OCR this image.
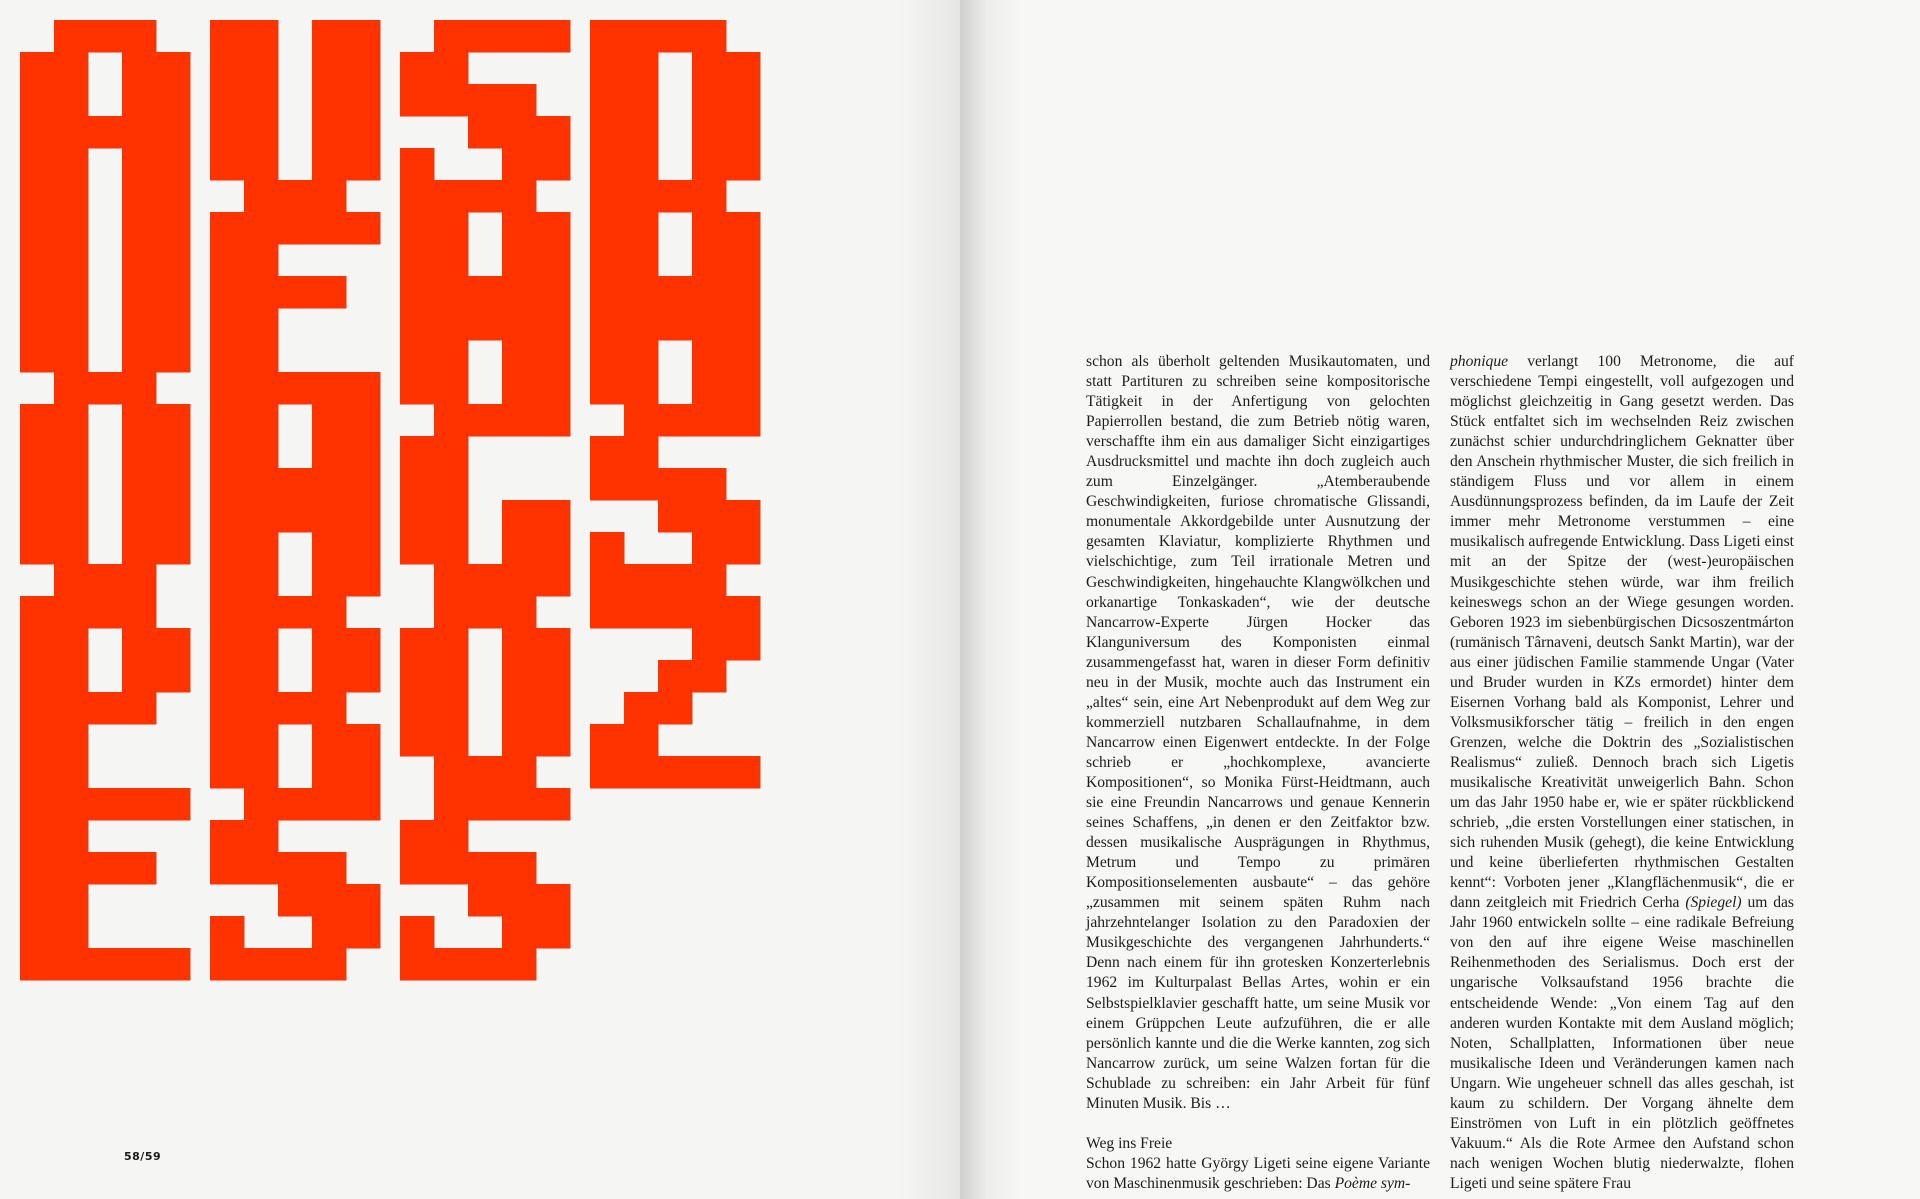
58/59

schon als überholt geltenden Musikautomaten, und statt Partituren zu schreiben seine kompositorische Tätigkeit in der Anfertigung von gelochten Papierrollen bestand, die zum Betrieb nötig waren, verschaffte ihm ein aus damaliger Sicht einzigartiges Ausdrucksmittel und machte ihn doch zugleich auch zum Einzelgänger. „Atemberaubende Geschwindigkeiten, furiose chromatische Glissandi, monumentale Akkordgebilde unter Ausnutzung der gesamten Klaviatur, komplizierte Rhythmen und vielschichtige, zum Teil irrationale Metren und Geschwindigkeiten, hingehauchte Klangwölkchen und orkanartige Tonkaskaden“, wie der deutsche Nancarrow-Experte Jürgen Hocker das Klanguniversum des Komponisten einmal zusammengefasst hat, waren in dieser Form definitiv neu in der Musik, mochte auch das Instrument ein „altes“ sein, eine Art Nebenprodukt auf dem Weg zur kommerziell nutzbaren Schallaufnahme, in dem Nancarrow einen Eigenwert entdeckte. In der Folge schrieb er „hochkomplexe, avancierte Kompositionen“, so Monika Fürst-Heidtmann, auch sie eine Freundin Nancarrows und genaue Kennerin seines Schaffens, „in denen er den Zeitfaktor bzw. dessen musikalische Ausprägungen in Rhythmus, Metrum und Tempo zu primären Kompositionselementen ausbaute“ – das gehöre „zusammen mit seinem späten Ruhm nach jahrzehntelanger Isolation zu den Paradoxien der Musikgeschichte des vergangenen Jahrhunderts.“ Denn nach einem für ihn grotesken Konzerterlebnis 1962 im Kulturpalast Bellas Artes, wohin er ein Selbstspielklavier geschafft hatte, um seine Musik vor einem Grüppchen Leute aufzuführen, die er alle persönlich kannte und die die Werke kannten, zog sich Nancarrow zurück, um seine Walzen fortan für die Schublade zu schreiben: ein Jahr Arbeit für fünf Minuten Musik. Bis …

Weg ins Freie

Schon 1962 hatte György Ligeti seine eigene Variante von Maschinenmusik geschrieben: Das Poème sym-

phonique verlangt 100 Metronome, die auf verschiedene Tempi eingestellt, voll aufgezogen und möglichst gleichzeitig in Gang gesetzt werden. Das Stück entfaltet sich im wechselnden Reiz zwischen zunächst schier undurchdringlichem Geknatter über den Anschein rhythmischer Muster, die sich freilich in ständigem Fluss und vor allem in einem Ausdünnungsprozess befinden, da im Laufe der Zeit immer mehr Metronome verstummen – eine musikalisch aufregende Entwicklung. Dass Ligeti einst mit an der Spitze der (west-)europäischen Musikgeschichte stehen würde, war ihm freilich keineswegs schon an der Wiege gesungen worden. Geboren 1923 im siebenbürgischen Dicsoszentmárton (rumänisch Târnaveni, deutsch Sankt Martin), war der aus einer jüdischen Familie stammende Ungar (Vater und Bruder wurden in KZs ermordet) hinter dem Eisernen Vorhang bald als Komponist, Lehrer und Volksmusikforscher tätig – freilich in den engen Grenzen, welche die Doktrin des „Sozialistischen Realismus“ zuließ. Dennoch brach sich Ligetis musikalische Kreativität unweigerlich Bahn. Schon um das Jahr 1950 habe er, wie er später rückblickend schrieb, „die ersten Vorstellungen einer statischen, in sich ruhenden Musik (gehegt), die keine Entwicklung und keine überlieferten rhythmischen Gestalten kennt“: Vorboten jener „Klangflächenmusik“, die er dann zeitgleich mit Friedrich Cerha (Spiegel) um das Jahr 1960 entwickeln sollte – eine radikale Befreiung von den auf ihre eigene Weise maschinellen Reihenmethoden des Serialismus. Doch erst der ungarische Volksaufstand 1956 brachte die entscheidende Wende: „Von einem Tag auf den anderen wurden Kontakte mit dem Ausland möglich; Noten, Schallplatten, Informationen über neue musikalische Ideen und Veränderungen kamen nach Ungarn. Wie ungeheuer schnell das alles geschah, ist kaum zu schildern. Der Vorgang ähnelte dem Einströmen von Luft in ein plötzlich geöffnetes Vakuum.“ Als die Rote Armee den Aufstand schon nach wenigen Wochen blutig niederwalzte, flohen Ligeti und seine spätere Frau
